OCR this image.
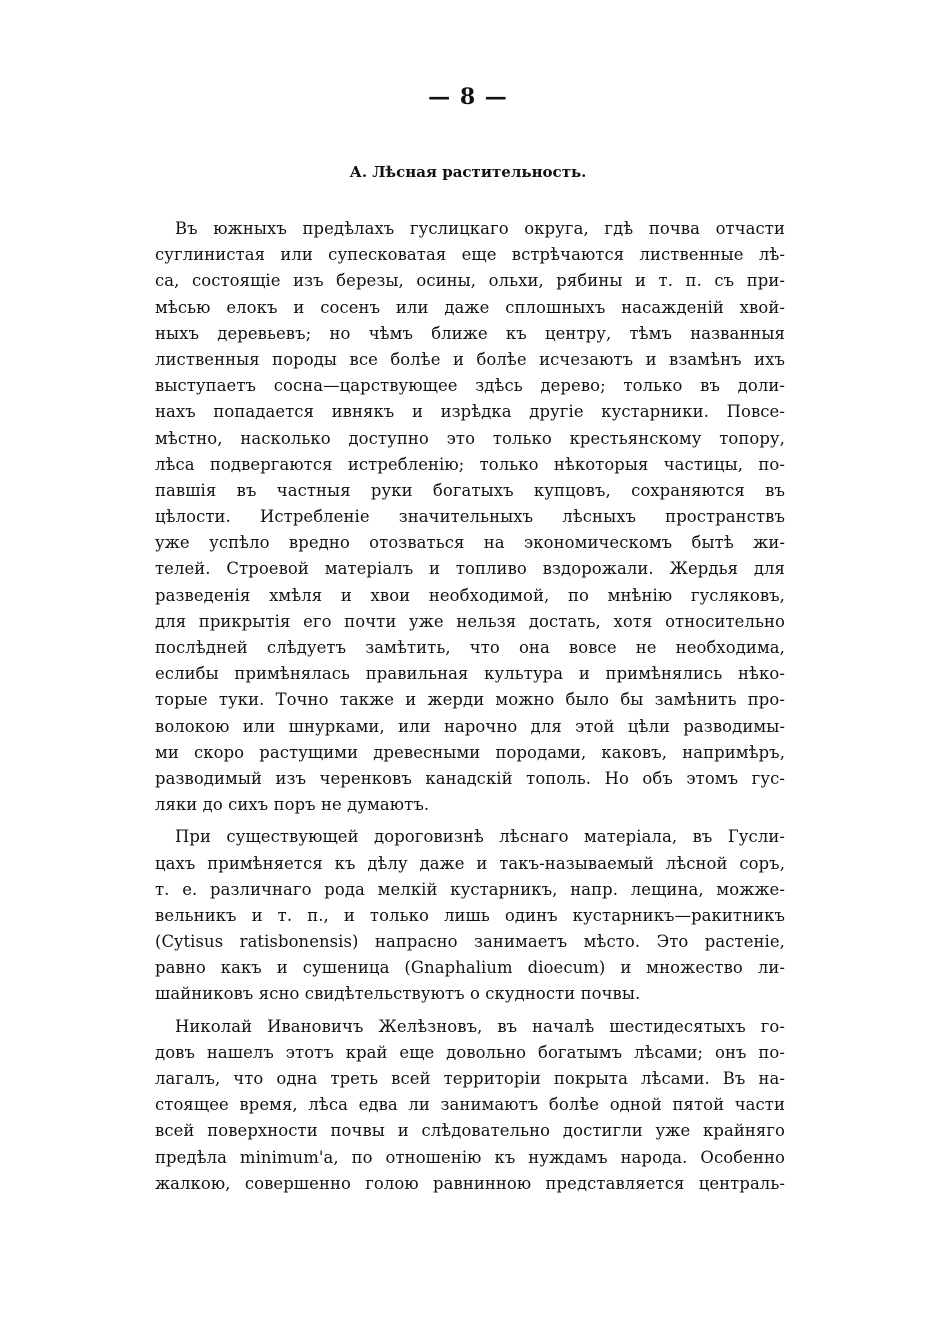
— 8 —
А. Лѣсная растительность.
Въ южныхъ предѣлахъ гуслицкаго округа, гдѣ почва отчасти
суглинистая или супесковатая еще встрѣчаются лиственные лѣ-
са, состоящіе изъ березы, осины, ольхи, рябины и т. п. съ при-
мѣсью елокъ и сосенъ или даже сплошныхъ насажденій хвой-
ныхъ деревьевъ; но чѣмъ ближе къ центру, тѣмъ названныя
лиственныя породы все болѣе и болѣе исчезаютъ и взамѣнъ ихъ
выступаетъ сосна—царствующее здѣсь дерево; только въ доли-
нахъ попадается ивнякъ и изрѣдка другіе кустарники. Повсе-
мѣстно, насколько доступно это только крестьянскому топору,
лѣса подвергаются истребленію; только нѣкоторыя частицы, по-
павшія въ частныя руки богатыхъ купцовъ, сохраняются въ
цѣлости. Истребленіе значительныхъ лѣсныхъ пространствъ
уже успѣло вредно отозваться на экономическомъ бытѣ жи-
телей. Строевой матеріалъ и топливо вздорожали. Жердья для
разведенія хмѣля и хвои необходимой, по мнѣнію гусляковъ,
для прикрытія его почти уже нельзя достать, хотя относительно
послѣдней слѣдуетъ замѣтить, что она вовсе не необходима,
еслибы примѣнялась правильная культура и примѣнялись нѣко-
торые туки. Точно также и жерди можно было бы замѣнить про-
волокою или шнурками, или нарочно для этой цѣли разводимы-
ми скоро растущими древесными породами, каковъ, напримѣръ,
разводимый изъ черенковъ канадскій тополь. Но объ этомъ гус-
ляки до сихъ поръ не думаютъ.
При существующей дороговизнѣ лѣснаго матеріала, въ Гусли-
цахъ примѣняется къ дѣлу даже и такъ-называемый лѣсной соръ,
т. е. различнаго рода мелкій кустарникъ, напр. лещина, можже-
вельникъ и т. п., и только лишь одинъ кустарникъ—ракитникъ
(Cytisus ratisbonensis) напрасно занимаетъ мѣсто. Это растеніе,
равно какъ и сушеница (Gnaphalium dioecum) и множество ли-
шайниковъ ясно свидѣтельствуютъ о скудности почвы.
Николай Ивановичъ Желѣзновъ, въ началѣ шестидесятыхъ го-
довъ нашелъ этотъ край еще довольно богатымъ лѣсами; онъ по-
лагалъ, что одна треть всей территоріи покрыта лѣсами. Въ на-
стоящее время, лѣса едва ли занимаютъ болѣе одной пятой части
всей поверхности почвы и слѣдовательно достигли уже крайняго
предѣла minimum'a, по отношенію къ нуждамъ народа. Особенно
жалкою, совершенно голою равнинною представляется централь-
